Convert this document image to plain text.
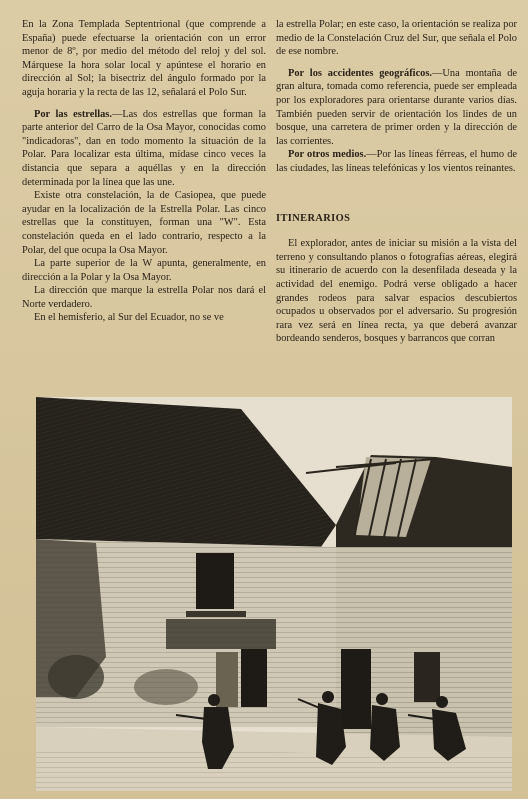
En la Zona Templada Septentrional (que comprende a España) puede efectuarse la orientación con un error menor de 8º, por medio del método del reloj y del sol. Márquese la hora solar local y apúntese el horario en dirección al Sol; la bisectriz del ángulo formado por la aguja horaria y la recta de las 12, señalará el Polo Sur.

Por las estrellas.—Las dos estrellas que forman la parte anterior del Carro de la Osa Mayor, conocidas como "indicadoras", dan en todo momento la situación de la Polar. Para localizar esta última, mídase cinco veces la distancia que separa a aquéllas y en la dirección determinada por la línea que las une.

Existe otra constelación, la de Casiopea, que puede ayudar en la localización de la Estrella Polar. Las cinco estrellas que la constituyen, forman una "W". Esta constelación queda en el lado contrario, respecto a la Polar, del que ocupa la Osa Mayor.

La parte superior de la W apunta, generalmente, en dirección a la Polar y la Osa Mayor.

La dirección que marque la estrella Polar nos dará el Norte verdadero.

En el hemisferio, al Sur del Ecuador, no se ve

la estrella Polar; en este caso, la orientación se realiza por medio de la Constelación Cruz del Sur, que señala el Polo de ese nombre.

Por los accidentes geográficos.—Una montaña de gran altura, tomada como referencia, puede ser empleada por los exploradores para orientarse durante varios días. También pueden servir de orientación los lindes de un bosque, una carretera de primer orden y la dirección de las corrientes.

Por otros medios.—Por las líneas férreas, el humo de las ciudades, las líneas telefónicas y los vientos reinantes.

ITINERARIOS

El explorador, antes de iniciar su misión a la vista del terreno y consultando planos o fotografías aéreas, elegirá su itinerario de acuerdo con la desenfilada deseada y la actividad del enemigo. Podrá verse obligado a hacer grandes rodeos para salvar espacios descubiertos ocupados u observados por el adversario. Su progresión rara vez será en línea recta, ya que deberá avanzar bordeando senderos, bosques y barrancos que corran
